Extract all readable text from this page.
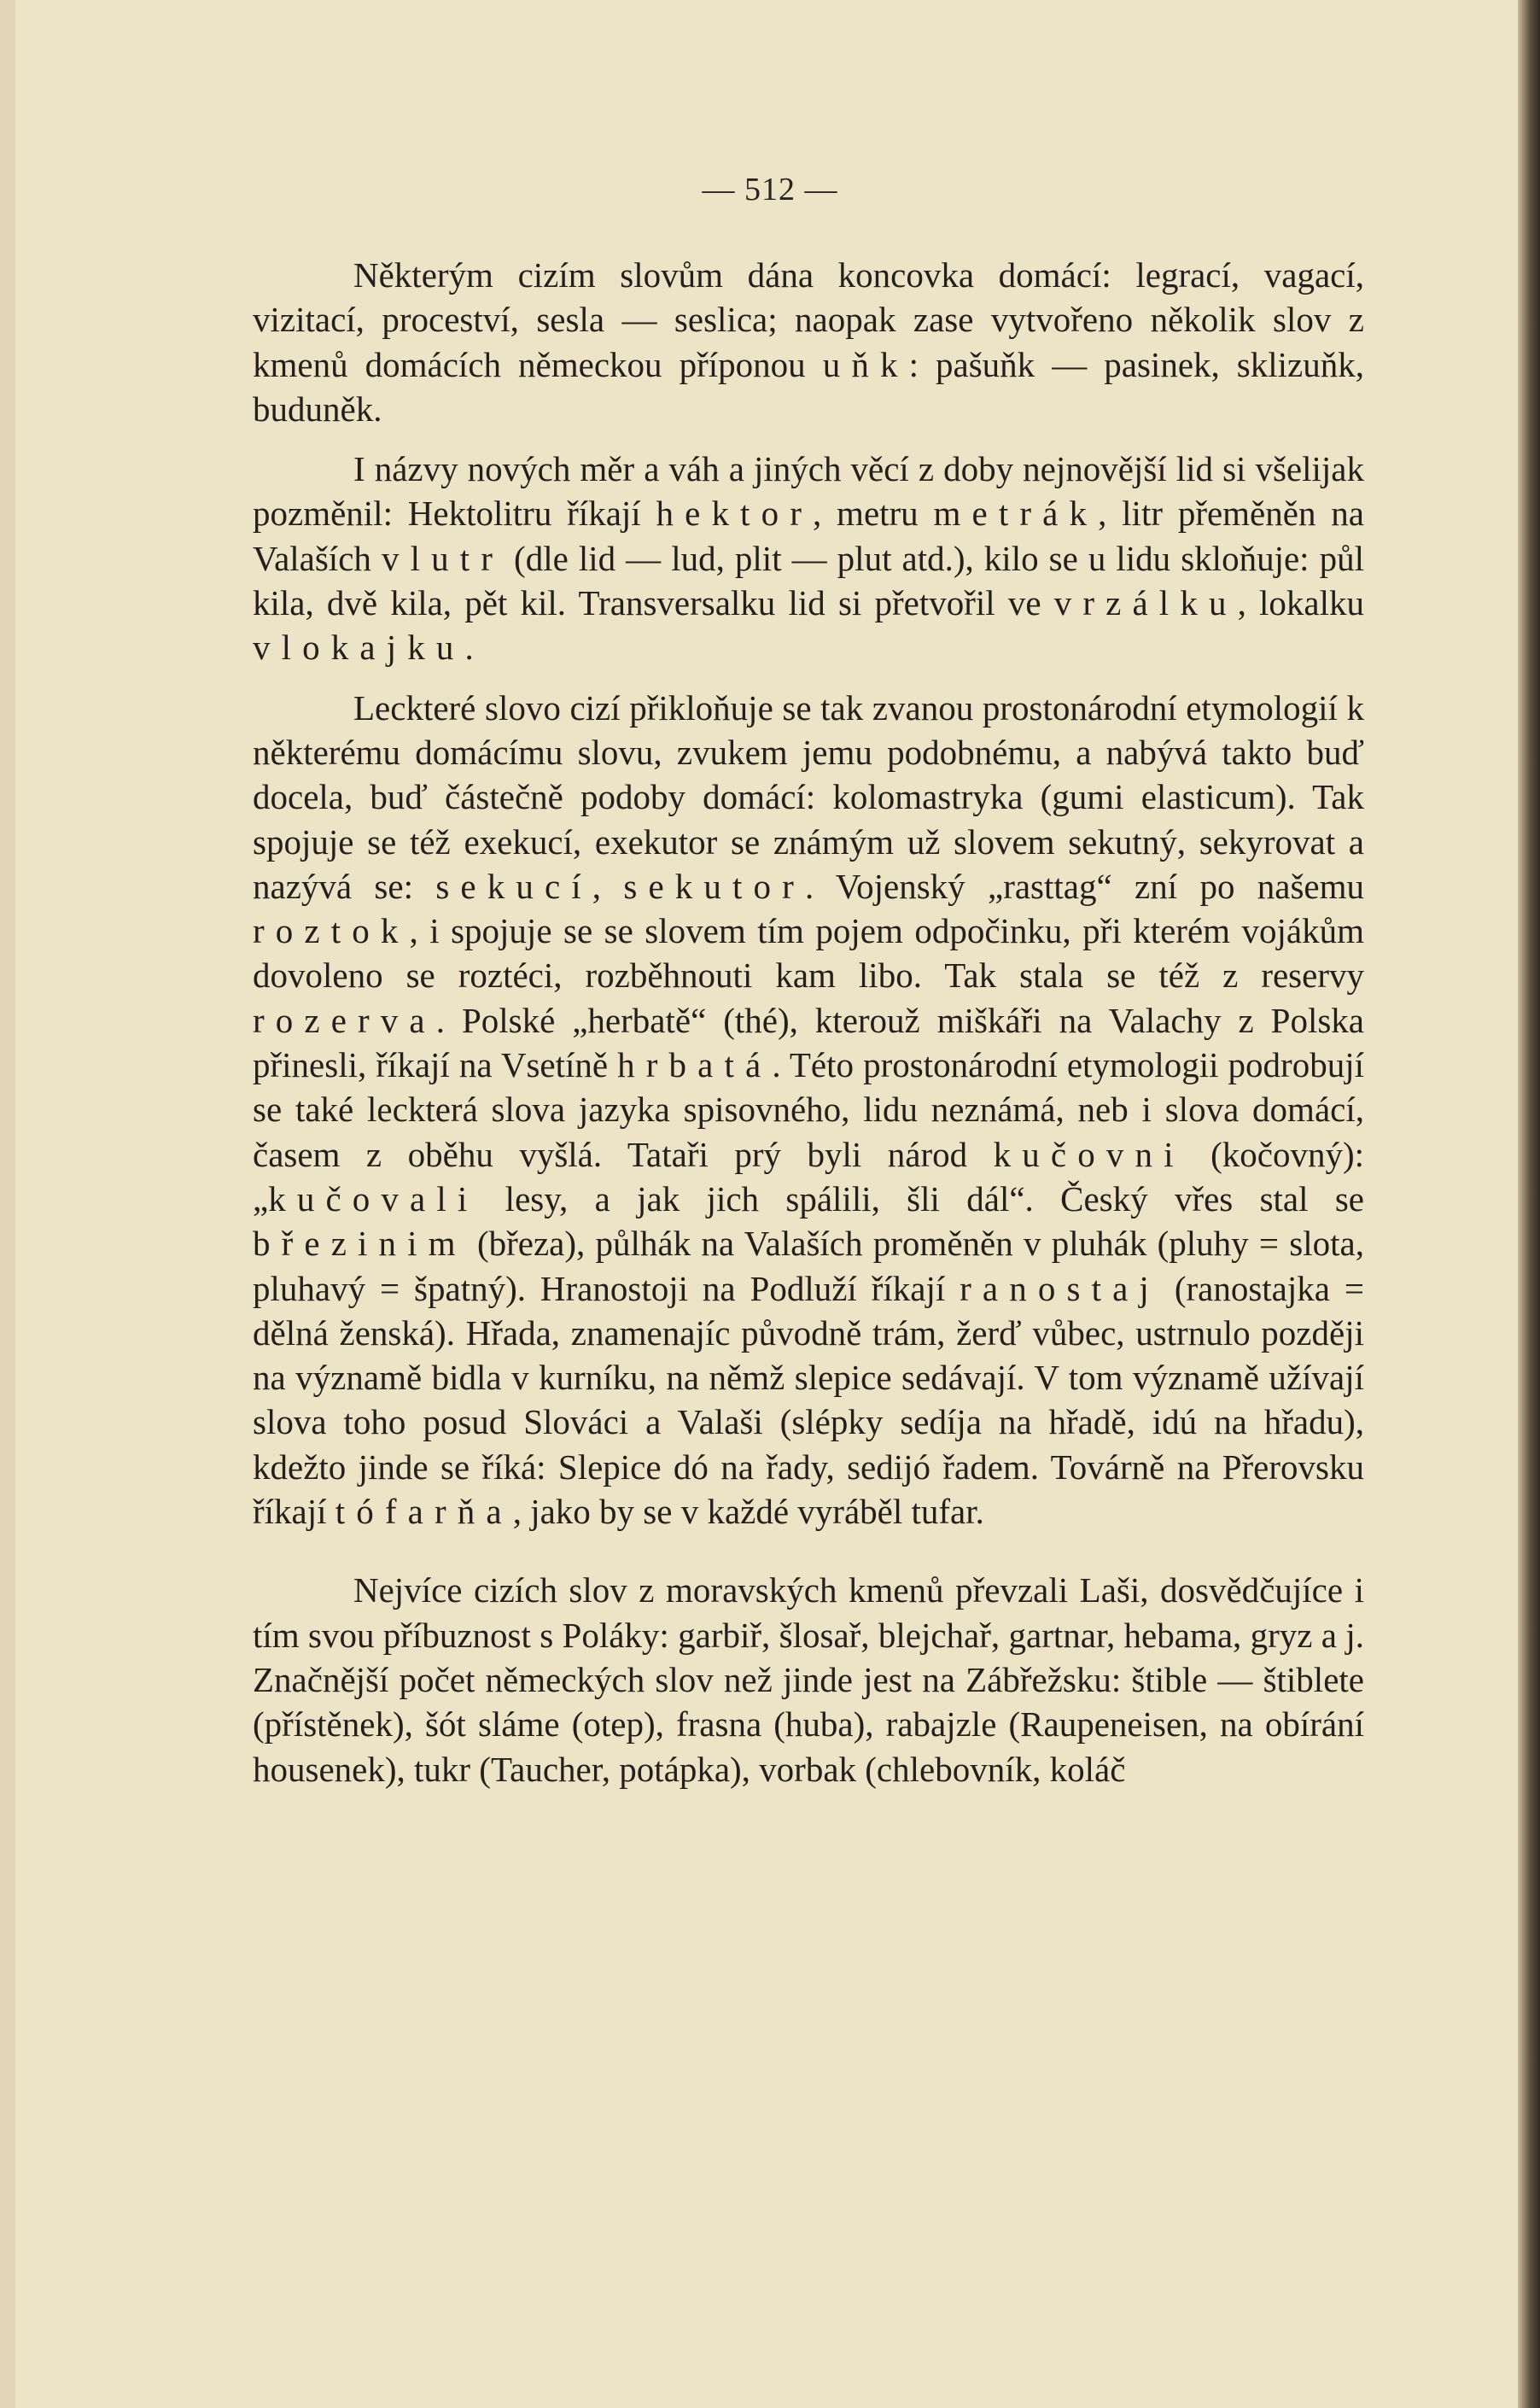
— 512 —

Některým cizím slovům dána koncovka domácí: legrací, vagací, vizitací, proceství, sesla — seslica; naopak zase vytvořeno několik slov z kmenů domácích německou příponou uňk: pašuňk — pasinek, sklizuňk, buduněk.

I názvy nových měr a váh a jiných věcí z doby nejnovější lid si všelijak pozměnil: Hektolitru říkají hektor, metru metrák, litr přeměněn na Valaších vlutr (dle lid — lud, plit — plut atd.), kilo se u lidu skloňuje: půl kila, dvě kila, pět kil. Transversalku lid si přetvořil ve vrzálku, lokalku vlokajku.

Leckteré slovo cizí přikloňuje se tak zvanou prostonárodní etymologií k některému domácímu slovu, zvukem jemu podobnému, a nabývá takto buď docela, buď částečně podoby domácí: kolomastryka (gumi elasticum). Tak spojuje se též exekucí, exekutor se známým už slovem sekutný, sekyrovat a nazývá se: sekucí, sekutor. Vojenský „rasttag“ zní po našemu roztok, i spojuje se se slovem tím pojem odpočinku, při kterém vojákům dovoleno se roztéci, rozběhnouti kam libo. Tak stala se též z reservy rozerva. Polské „herbatě“ (thé), kterouž miškáři na Valachy z Polska přinesli, říkají na Vsetíně hrbatá. Této prostonárodní etymologii podrobují se také leckterá slova jazyka spisovného, lidu neznámá, neb i slova domácí, časem z oběhu vyšlá. Tataři prý byli národ kučovni (kočovný): „kučovali lesy, a jak jich spálili, šli dál“. Český vřes stal se březinim (březa), půlhák na Valaších proměněn v pluhák (pluhy = slota, pluhavý = špatný). Hranostoji na Podluží říkají ranostaj (ranostajka = dělná ženská). Hřada, znamenajíc původně trám, žerď vůbec, ustrnulo později na významě bidla v kurníku, na němž slepice sedávají. V tom významě užívají slova toho posud Slováci a Valaši (slépky sedíja na hřadě, idú na hřadu), kdežto jinde se říká: Slepice dó na řady, sedijó řadem. Továrně na Přerovsku říkají tófarňa, jako by se v každé vyráběl tufar.

Nejvíce cizích slov z moravských kmenů převzali Laši, dosvědčujíce i tím svou příbuznost s Poláky: garbiř, šlosař, blejchař, gartnar, hebama, gryz a j. Značnější počet německých slov než jinde jest na Zábřežsku: štible — štiblete (přístěnek), šót sláme (otep), frasna (huba), rabajzle (Raupeneisen, na obírání housenek), tukr (Taucher, potápka), vorbak (chlebovník, koláč
